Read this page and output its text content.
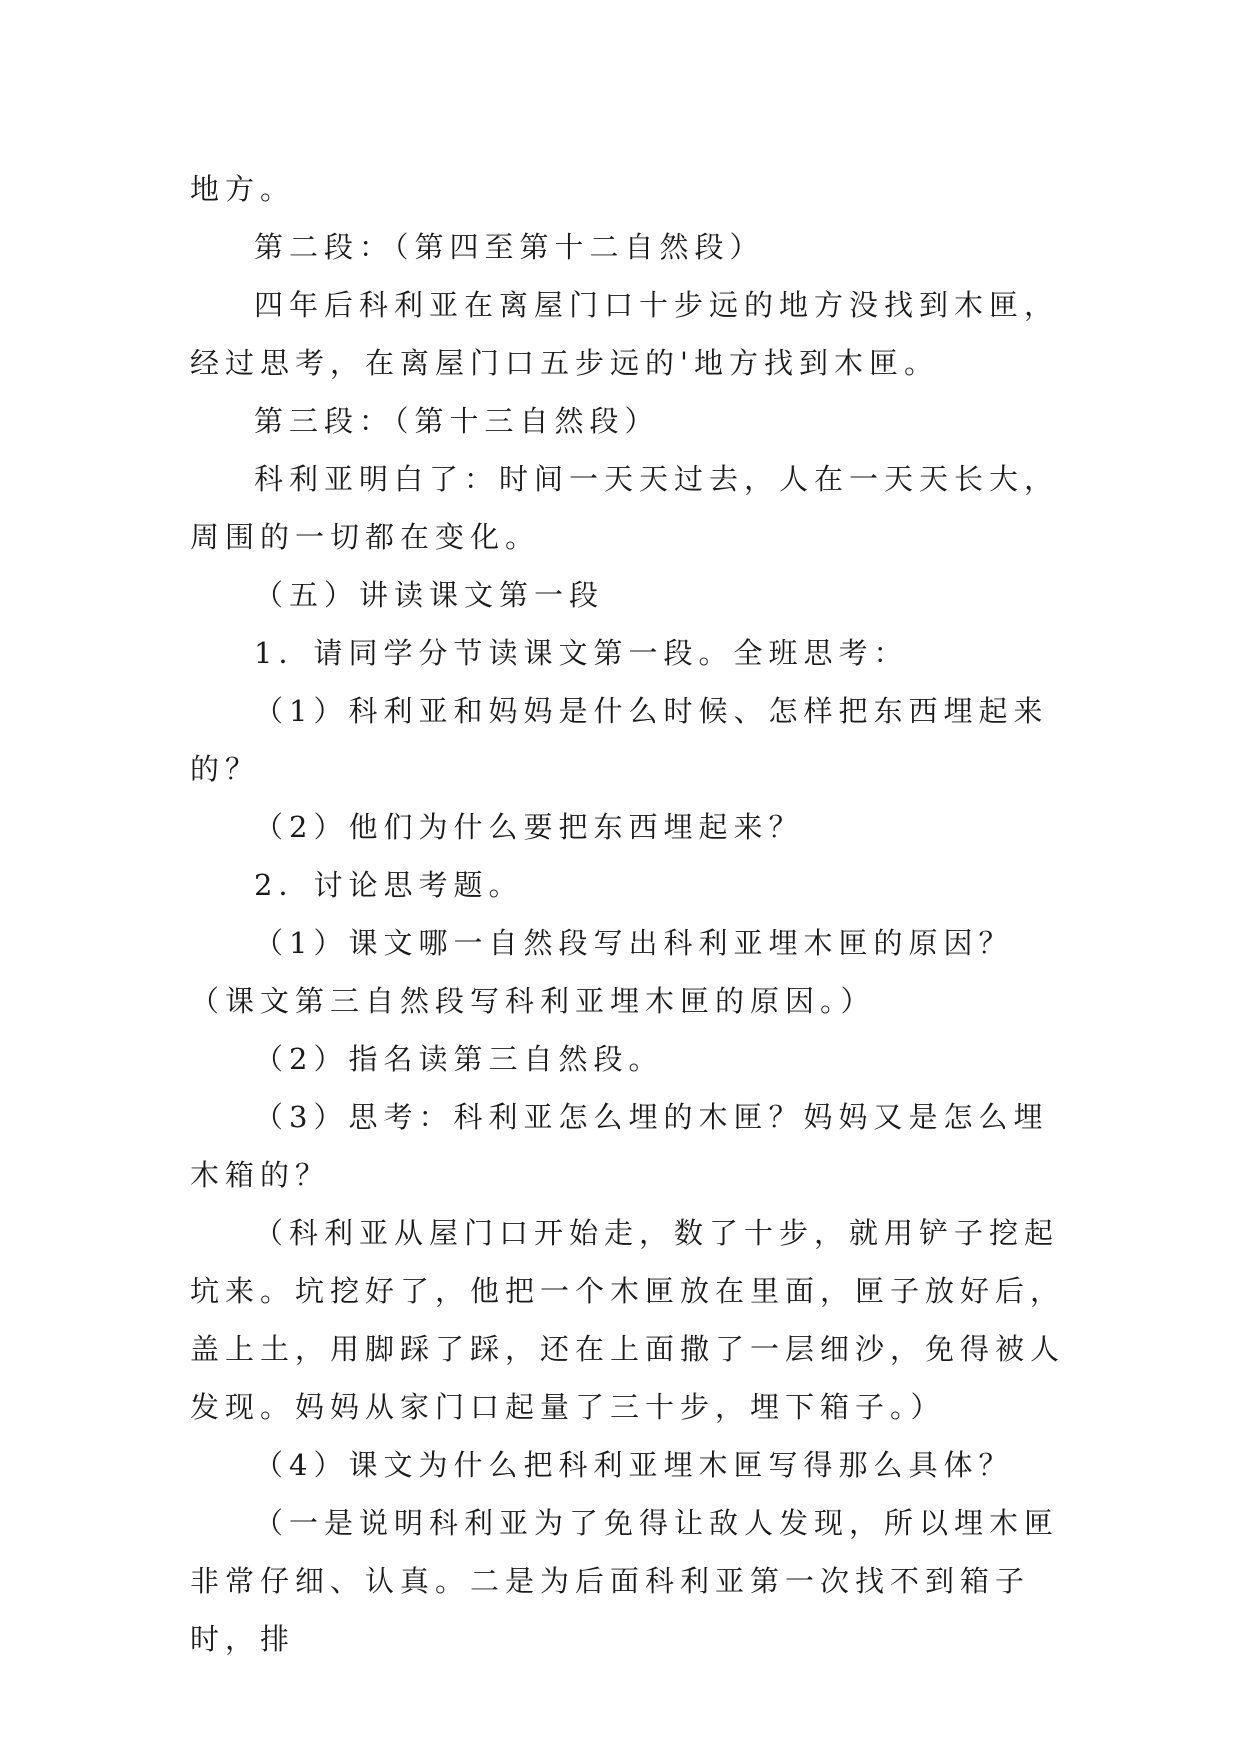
地方。

第二段：（第四至第十二自然段）

四年后科利亚在离屋门口十步远的地方没找到木匣，经过思考，在离屋门口五步远的'地方找到木匣。

第三段：（第十三自然段）

科利亚明白了：时间一天天过去，人在一天天长大，周围的一切都在变化。

（五）讲读课文第一段

1．请同学分节读课文第一段。全班思考：

（1）科利亚和妈妈是什么时候、怎样把东西埋起来的？

（2）他们为什么要把东西埋起来？

2．讨论思考题。

（1）课文哪一自然段写出科利亚埋木匣的原因？（课文第三自然段写科利亚埋木匣的原因。）

（2）指名读第三自然段。

（3）思考：科利亚怎么埋的木匣？妈妈又是怎么埋木箱的？

（科利亚从屋门口开始走，数了十步，就用铲子挖起坑来。坑挖好了，他把一个木匣放在里面，匣子放好后，盖上土，用脚踩了踩，还在上面撒了一层细沙，免得被人发现。妈妈从家门口起量了三十步，埋下箱子。）

（4）课文为什么把科利亚埋木匣写得那么具体？

（一是说明科利亚为了免得让敌人发现，所以埋木匣非常仔细、认真。二是为后面科利亚第一次找不到箱子时，排
